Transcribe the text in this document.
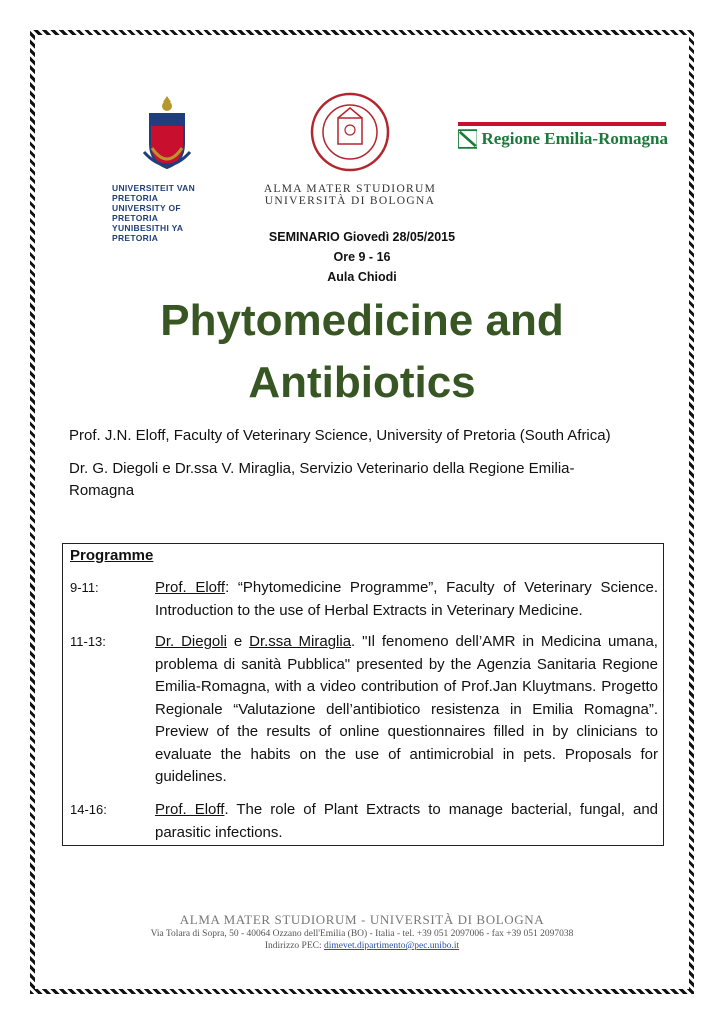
UNIVERSITEIT VAN PRETORIA
UNIVERSITY OF PRETORIA
YUNIBESITHI YA PRETORIA
ALMA MATER STUDIORUM
UNIVERSITÀ DI BOLOGNA
Regione Emilia-Romagna
SEMINARIO Giovedì 28/05/2015
Ore 9 - 16
Aula Chiodi
Phytomedicine and
Antibiotics
Prof. J.N. Eloff, Faculty of Veterinary Science, University of Pretoria (South Africa)
Dr. G. Diegoli e Dr.ssa V. Miraglia, Servizio Veterinario della Regione Emilia-Romagna
Programme
9-11:	Prof. Eloff: “Phytomedicine Programme”, Faculty of Veterinary Science. Introduction to the use of Herbal Extracts in Veterinary Medicine.
11-13:	Dr. Diegoli e Dr.ssa Miraglia. "Il fenomeno dell’AMR in Medicina umana, problema di sanità Pubblica" presented by the Agenzia Sanitaria Regione Emilia-Romagna, with a video contribution of Prof.Jan Kluytmans. Progetto Regionale “Valutazione dell’antibiotico resistenza in Emilia Romagna”. Preview of the results of online questionnaires filled in by clinicians to evaluate the habits on the use of antimicrobial in pets. Proposals for guidelines.
14-16:	Prof. Eloff. The role of Plant Extracts to manage bacterial, fungal, and parasitic infections.
ALMA MATER STUDIORUM - UNIVERSITÀ DI BOLOGNA
Via Tolara di Sopra, 50 - 40064 Ozzano dell'Emilia (BO) - Italia - tel. +39 051 2097006 - fax +39 051 2097038
Indirizzo PEC: dimevet.dipartimento@pec.unibo.it
